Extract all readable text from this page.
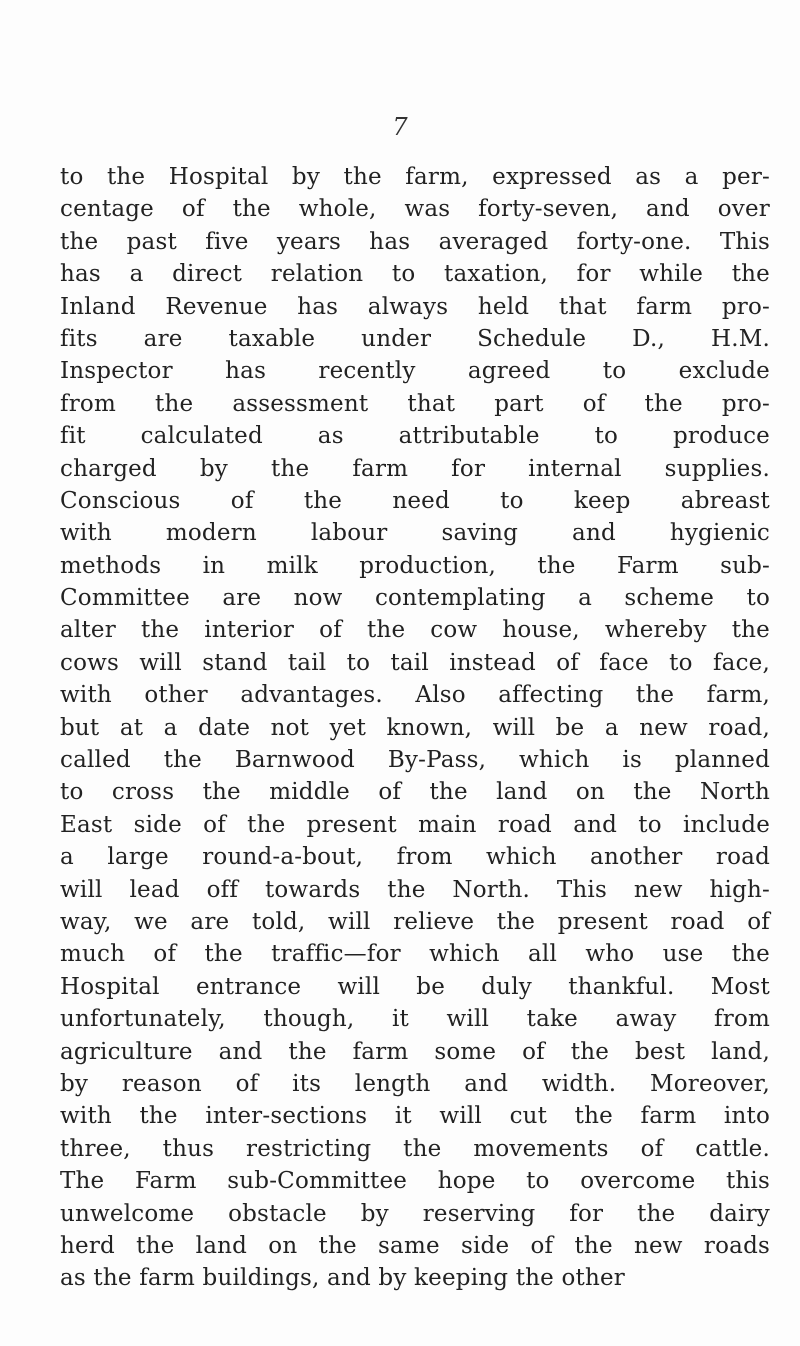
7
to the Hospital by the farm, expressed as a per-
centage of the whole, was forty-seven, and over
the past five years has averaged forty-one. This
has a direct relation to taxation, for while the
Inland Revenue has always held that farm pro-
fits are taxable under Schedule D., H.M.
Inspector has recently agreed to exclude
from the assessment that part of the pro-
fit calculated as attributable to produce
charged by the farm for internal supplies.
Conscious of the need to keep abreast
with modern labour saving and hygienic
methods in milk production, the Farm sub-
Committee are now contemplating a scheme to
alter the interior of the cow house, whereby the
cows will stand tail to tail instead of face to face,
with other advantages. Also affecting the farm,
but at a date not yet known, will be a new road,
called the Barnwood By-Pass, which is planned
to cross the middle of the land on the North
East side of the present main road and to include
a large round-a-bout, from which another road
will lead off towards the North. This new high-
way, we are told, will relieve the present road of
much of the traffic—for which all who use the
Hospital entrance will be duly thankful. Most
unfortunately, though, it will take away from
agriculture and the farm some of the best land,
by reason of its length and width. Moreover,
with the inter-sections it will cut the farm into
three, thus restricting the movements of cattle.
The Farm sub-Committee hope to overcome this
unwelcome obstacle by reserving for the dairy
herd the land on the same side of the new roads
as the farm buildings, and by keeping the other
